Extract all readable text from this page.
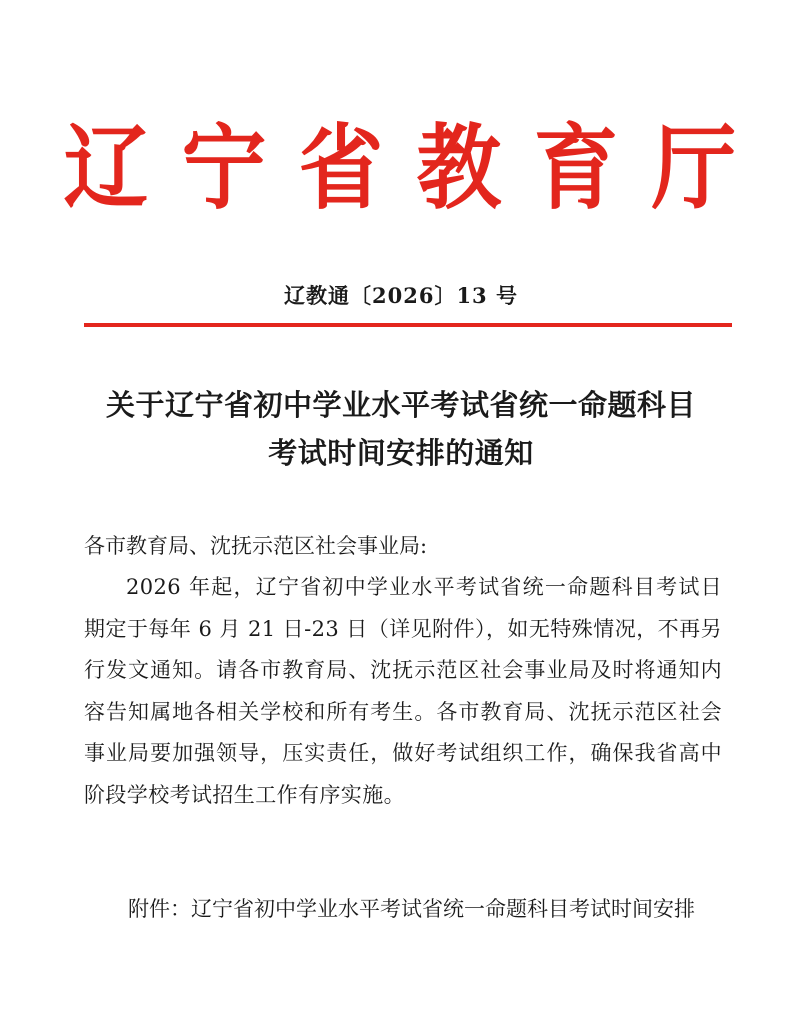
辽 宁 省 教 育 厅
辽教通〔2026〕13 号
关于辽宁省初中学业水平考试省统一命题科目
考试时间安排的通知
各市教育局、沈抚示范区社会事业局:
2026 年起，辽宁省初中学业水平考试省统一命题科目考试日期定于每年 6 月 21 日-23 日（详见附件），如无特殊情况，不再另行发文通知。请各市教育局、沈抚示范区社会事业局及时将通知内容告知属地各相关学校和所有考生。各市教育局、沈抚示范区社会事业局要加强领导，压实责任，做好考试组织工作，确保我省高中阶段学校考试招生工作有序实施。
附件：辽宁省初中学业水平考试省统一命题科目考试时间安排
